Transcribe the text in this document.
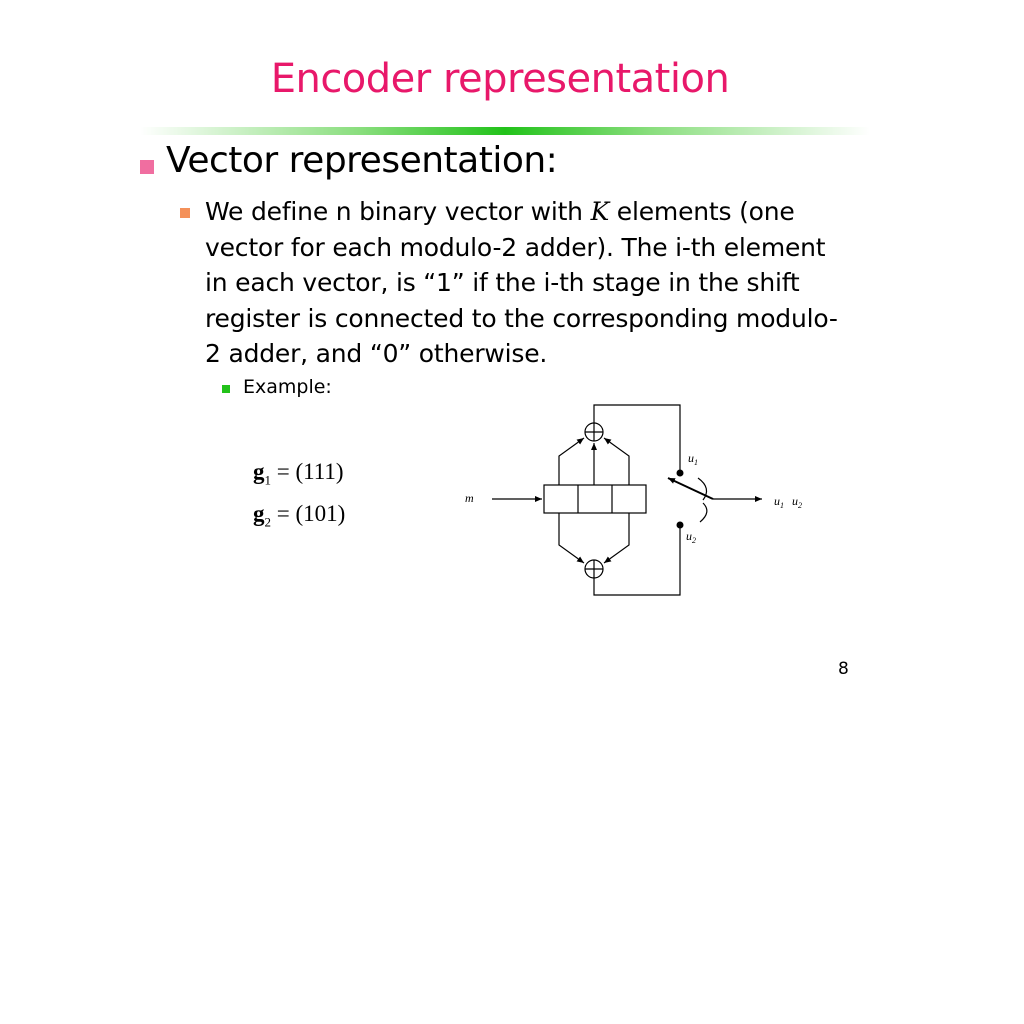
Encoder representation
Vector representation:
We define n binary vector with K elements (one
vector for each modulo-2 adder). The i-th element
in each vector, is “1” if the i-th stage in the shift
register is connected to the corresponding modulo-
2 adder, and “0” otherwise.
Example:
$g_1 = (111)$
$g_2 = (101)$
m
$u_1$
$u_2$
$u_1$ $u_2$
8
